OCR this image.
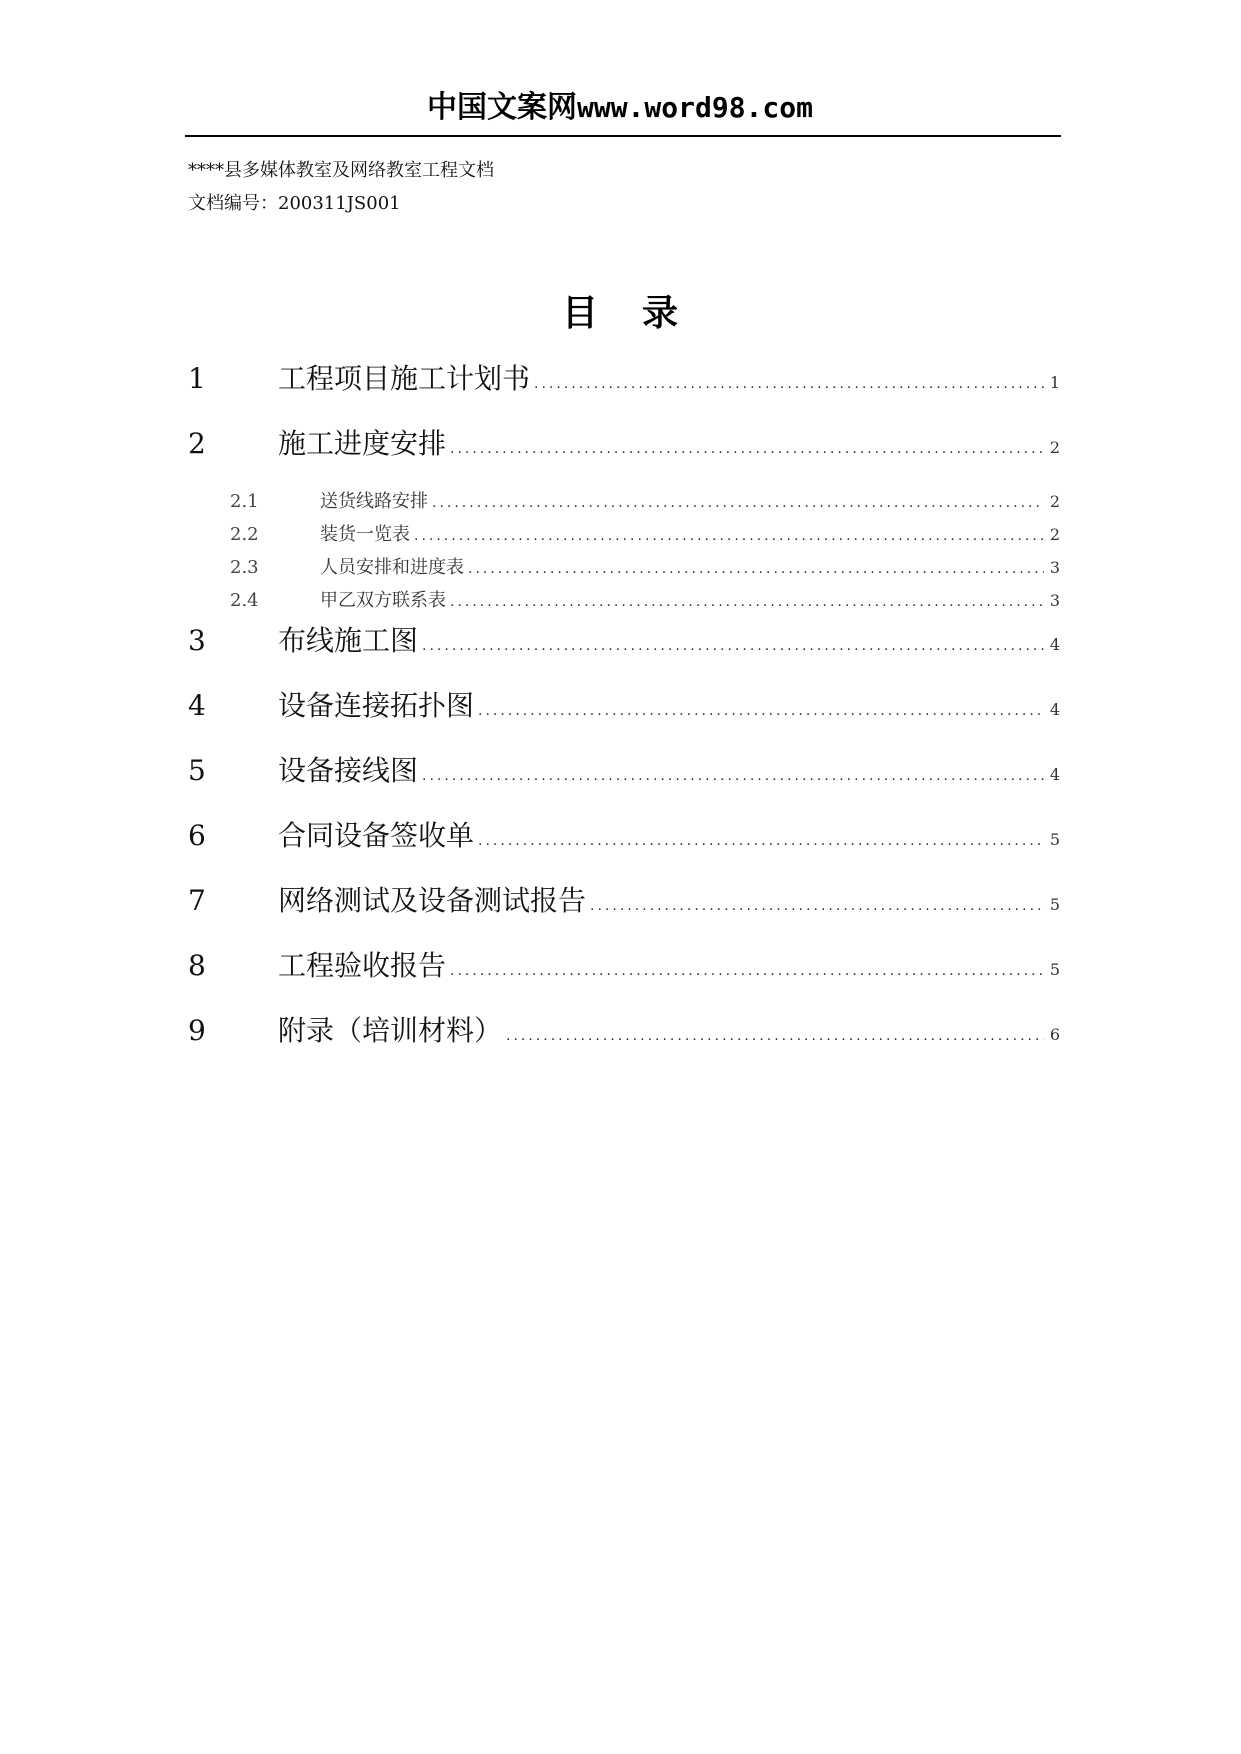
中国文案网www.word98.com
****县多媒体教室及网络教室工程文档
文档编号：200311JS001
目录
1	工程项目施工计划书 .....	1
2	施工进度安排 .....	2
2.1	送货线路安排 .....	2
2.2	装货一览表 .....	2
2.3	人员安排和进度表 .....	3
2.4	甲乙双方联系表 .....	3
3	布线施工图 .....	4
4	设备连接拓扑图 .....	4
5	设备接线图 .....	4
6	合同设备签收单 .....	5
7	网络测试及设备测试报告 .....	5
8	工程验收报告 .....	5
9	附录（培训材料） .....	6
